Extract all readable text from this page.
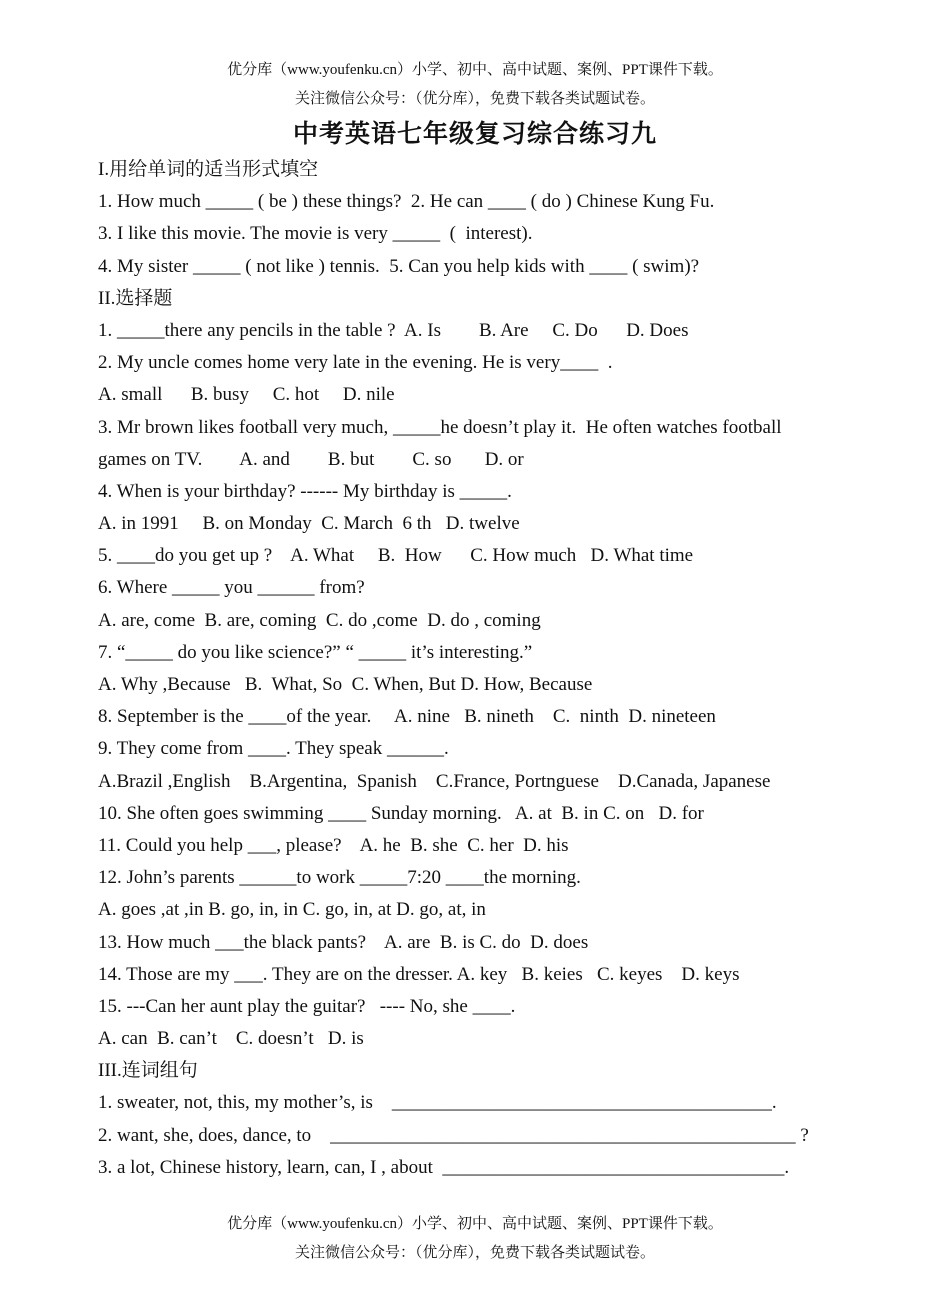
优分库（www.youfenku.cn）小学、初中、高中试题、案例、PPT课件下载。
关注微信公众号：（优分库），免费下载各类试题试卷。
中考英语七年级复习综合练习九
I.用给单词的适当形式填空
1. How much _____ ( be ) these things?  2. He can ____ ( do ) Chinese Kung Fu.
3. I like this movie. The movie is very _____  (  interest).
4. My sister _____ ( not like ) tennis.  5. Can you help kids with ____ ( swim)?
II.选择题
1. _____there any pencils in the table ?  A. Is        B. Are     C. Do      D. Does
2. My uncle comes home very late in the evening. He is very____  .
A. small      B. busy     C. hot     D. nile
3. Mr brown likes football very much, _____he doesn’t play it.  He often watches football
games on TV.        A. and        B. but        C. so       D. or
4. When is your birthday? ------ My birthday is _____.
A. in 1991     B. on Monday  C. March  6 th   D. twelve
5. ____do you get up ?    A. What     B.  How      C. How much   D. What time
6. Where _____ you ______ from?
A. are, come  B. are, coming  C. do ,come  D. do , coming
7. “_____ do you like science?” “ _____ it’s interesting.”
A. Why ,Because   B.  What, So  C. When, But D. How, Because
8. September is the ____of the year.     A. nine   B. nineth    C.  ninth  D. nineteen
9. They come from ____. They speak ______.
A.Brazil ,English    B.Argentina,  Spanish    C.France, Portnguese    D.Canada, Japanese
10. She often goes swimming ____ Sunday morning.   A. at  B. in C. on   D. for
11. Could you help ___, please?    A. he  B. she  C. her  D. his
12. John’s parents ______to work _____7:20 ____the morning.
A. goes ,at ,in B. go, in, in C. go, in, at D. go, at, in
13. How much ___the black pants?    A. are  B. is C. do  D. does
14. Those are my ___. They are on the dresser. A. key   B. keies   C. keyes    D. keys
15. ---Can her aunt play the guitar?   ---- No, she ____.
A. can  B. can’t    C. doesn’t   D. is
III.连词组句
1. sweater, not, this, my mother’s, is    ________________________________________.
2. want, she, does, dance, to    _________________________________________________ ?
3. a lot, Chinese history, learn, can, I , about  ____________________________________.
优分库（www.youfenku.cn）小学、初中、高中试题、案例、PPT课件下载。
关注微信公众号：（优分库），免费下载各类试题试卷。
